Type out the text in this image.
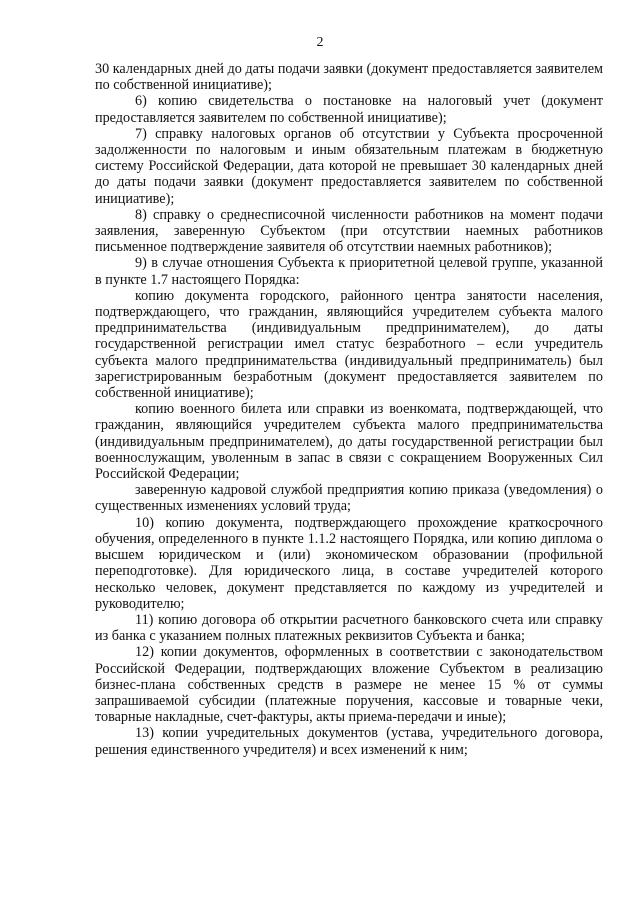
2

30 календарных дней до даты подачи заявки (документ предоставляется заявителем по собственной инициативе);

6) копию свидетельства о постановке на налоговый учет (документ предоставляется заявителем по собственной инициативе);

7) справку налоговых органов об отсутствии у Субъекта просроченной задолженности по налоговым и иным обязательным платежам в бюджетную систему Российской Федерации, дата которой не превышает 30 календарных дней до даты подачи заявки (документ предоставляется заявителем по собственной инициативе);

8) справку о среднесписочной численности работников на момент подачи заявления, заверенную Субъектом (при отсутствии наемных работников письменное подтверждение заявителя об отсутствии наемных работников);

9) в случае отношения Субъекта к приоритетной целевой группе, указанной в пункте 1.7 настоящего Порядка:

копию документа городского, районного центра занятости населения, подтверждающего, что гражданин, являющийся учредителем субъекта малого предпринимательства (индивидуальным предпринимателем), до даты государственной регистрации имел статус безработного – если учредитель субъекта малого предпринимательства (индивидуальный предприниматель) был зарегистрированным безработным (документ предоставляется заявителем по собственной инициативе);

копию военного билета или справки из военкомата, подтверждающей, что гражданин, являющийся учредителем субъекта малого предпринимательства (индивидуальным предпринимателем), до даты государственной регистрации был военнослужащим, уволенным в запас в связи с сокращением Вооруженных Сил Российской Федерации;

заверенную кадровой службой предприятия копию приказа (уведомления) о существенных изменениях условий труда;

10) копию документа, подтверждающего прохождение краткосрочного обучения, определенного в пункте 1.1.2 настоящего Порядка, или копию диплома о высшем юридическом и (или) экономическом образовании (профильной переподготовке). Для юридического лица, в составе учредителей которого несколько человек, документ представляется по каждому из учредителей и руководителю;

11) копию договора об открытии расчетного банковского счета или справку из банка с указанием полных платежных реквизитов Субъекта и банка;

12) копии документов, оформленных в соответствии с законодательством Российской Федерации, подтверждающих вложение Субъектом в реализацию бизнес-плана собственных средств в размере не менее 15 % от суммы запрашиваемой субсидии (платежные поручения, кассовые и товарные чеки, товарные накладные, счет-фактуры, акты приема-передачи и иные);

13) копии учредительных документов (устава, учредительного договора, решения единственного учредителя) и всех изменений к ним;
